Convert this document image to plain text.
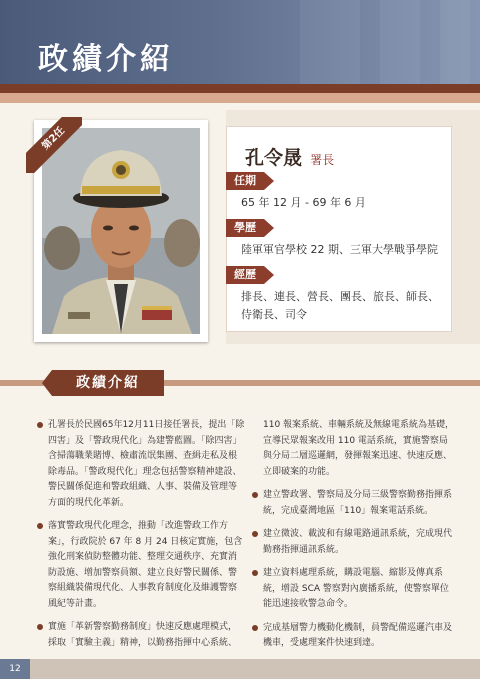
政績介紹
孔令晟 署長
任期
65 年 12 月 - 69 年 6 月
學歷
陸軍軍官學校 22 期、三軍大學戰爭學院
經歷
排長、連長、營長、團長、旅長、師長、
侍衛長、司令
第2任
政績介紹
孔署長於民國65年12月11日接任署長，提出「除
四害」及「警政現代化」為建警藍圖。「除四害」
含掃蕩職業賭博、檢肅流氓集團、查緝走私及根
除毒品。「警政現代化」理念包括警察精神建設、
警民關係促進和警政組織、人事、裝備及管理等
方面的現代化革新。
落實警政現代化理念，推動「改進警政工作方
案」，行政院於 67 年 8 月 24 日核定實施，包含
強化刑案偵防整體功能、整理交通秩序、充實消
防設施、增加警察員額、建立良好警民關係、警
察組織裝備現代化、人事教育制度化及維護警察
風紀等計畫。
實施「革新警察勤務制度」快速反應處理模式，
採取「實驗主義」精神，以勤務指揮中心系統、
110 報案系統、車輛系統及無線電系統為基礎，
宣導民眾報案改用 110 電話系統，實施警察局
與分局二層巡邏網，發揮報案迅速、快速反應、
立即破案的功能。
建立警政署、警察局及分局三級警察勤務指揮系
統，完成臺灣地區「110」報案電話系統。
建立微波、載波和有線電路通訊系統，完成現代
勤務指揮通訊系統。
建立資料處理系統，購設電腦、縮影及傳真系
統，增設 SCA 警察對內廣播系統，使警察單位
能迅速接收警急命令。
完成基層警力機動化機制，員警配備巡邏汽車及
機車，受處理案件快速到達。
12
